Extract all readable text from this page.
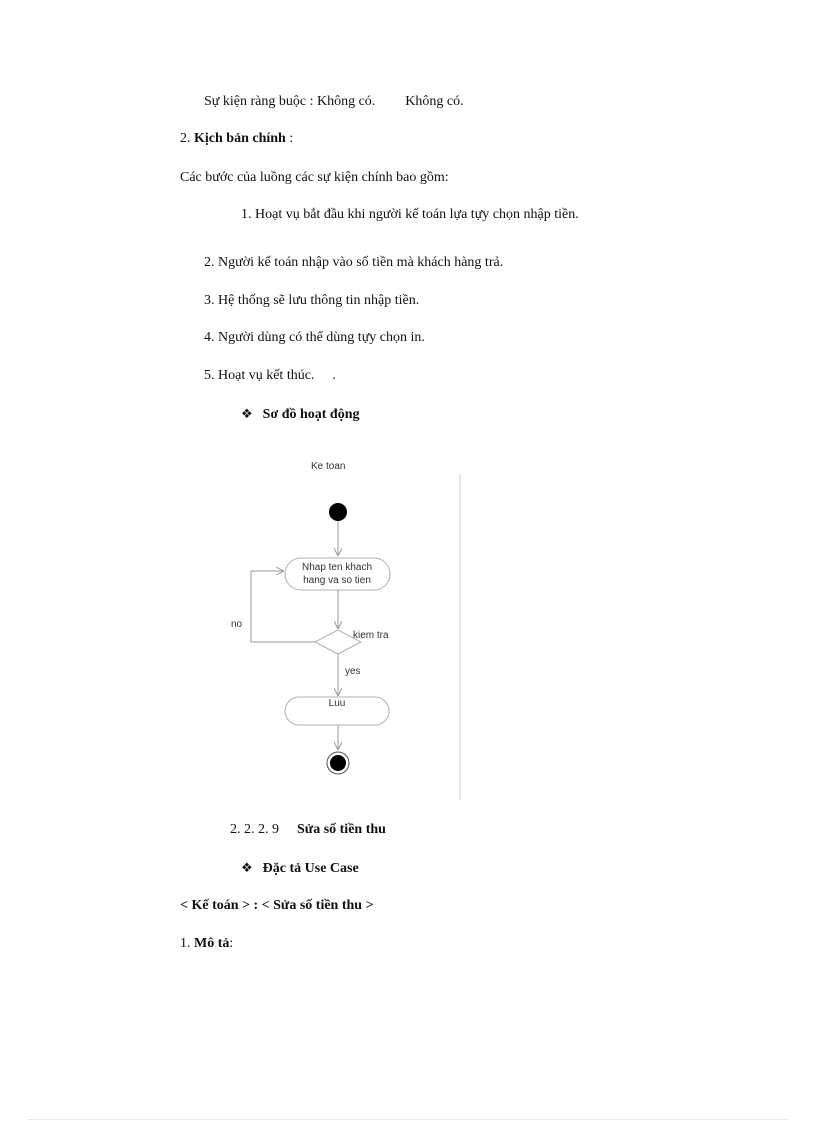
Sự kiện ràng buộc : Không có. Không có.
2. Kịch bản chính :
Các bước của luồng các sự kiện chính bao gồm:
1. Hoạt vụ bắt đầu khi người kế toán lựa tựy chọn nhập tiền.
2. Người kế toán nhập vào số tiền mà khách hàng trả.
3. Hệ thống sẽ lưu thông tin nhập tiền.
4. Người dùng có thể dùng tựy chọn in.
5. Hoạt vụ kết thúc. .
❖ Sơ đồ hoạt động
Ke toan
Nhap ten khach
hang va so tien
kiem tra
no
yes
Luu
2. 2. 2. 9 Sửa số tiền thu
❖ Đặc tả Use Case
< Kế toán > : < Sửa số tiền thu >
1. Mô tả:
